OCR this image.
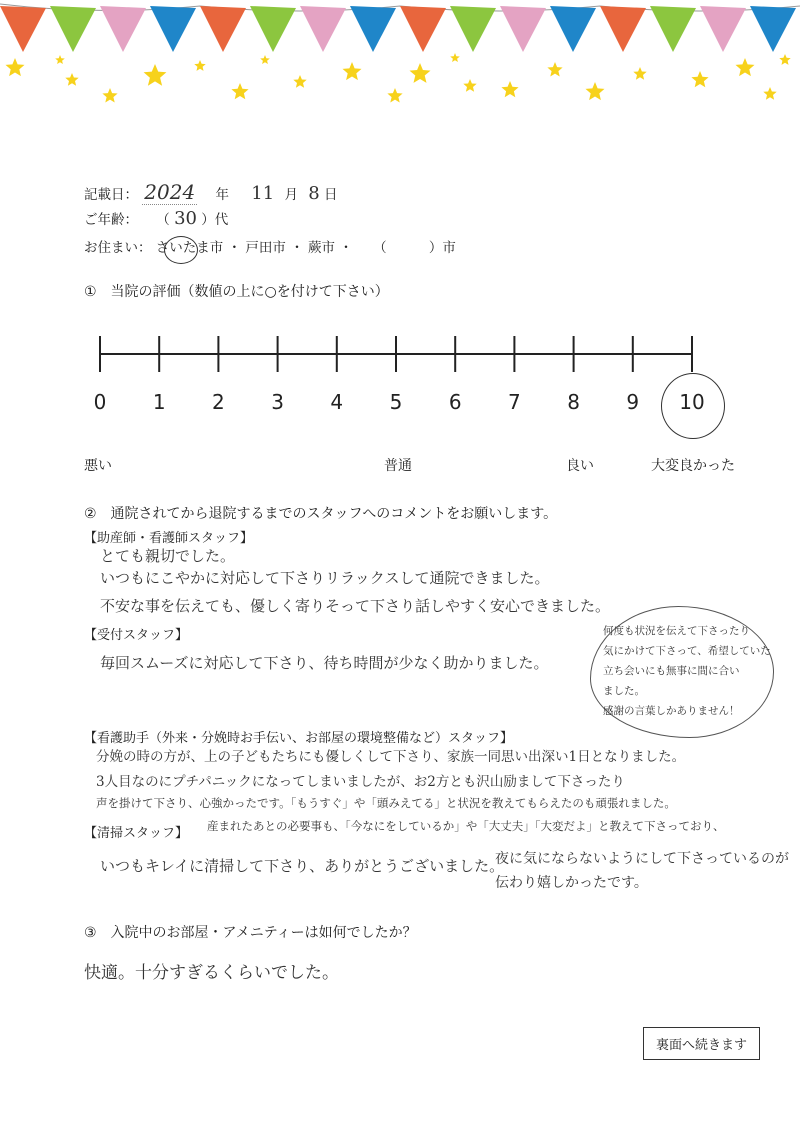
記載日： 2024 年 11 月 8 日
ご年齢： （ 30 ）代
お住まい： さいたま市 ・ 戸田市 ・ 蕨市 ・ （	）市
①　当院の評価（数値の上に○を付けて下さい）
0	1	2	3	4	5	6	7	8	9	10
悪い	普通	良い	大変良かった
②　通院されてから退院するまでのスタッフへのコメントをお願いします。
【助産師・看護師スタッフ】
とても親切でした。
いつもにこやかに対応して下さりリラックスして通院できました。
不安な事を伝えても、優しく寄りそって下さり話しやすく安心できました。
【受付スタッフ】
毎回スムーズに対応して下さり、待ち時間が少なく助かりました。
何度も状況を伝えて下さったり
気にかけて下さって、希望していた
立ち会いにも無事に間に合い
ました。
感謝の言葉しかありません！
【看護助手（外来・分娩時お手伝い、お部屋の環境整備など）スタッフ】
分娩の時の方が、上の子どもたちにも優しくして下さり、家族一同思い出深い1日となりました。
3人目なのにプチパニックになってしまいましたが、お2方とも沢山励まして下さったり
声を掛けて下さり、心強かったです。「もうすぐ」や「頭みえてる」と状況を教えてもらえたのも頑張れました。
【清掃スタッフ】 産まれたあとの必要事も、「今なにをしているか」や「大丈夫」「大変だよ」と教えて下さっており、
いつもキレイに清掃して下さり、ありがとうございました。
夜に気にならないようにして下さっているのが
伝わり嬉しかったです。
③　入院中のお部屋・アメニティーは如何でしたか？
快適。十分すぎるくらいでした。
裏面へ続きます
